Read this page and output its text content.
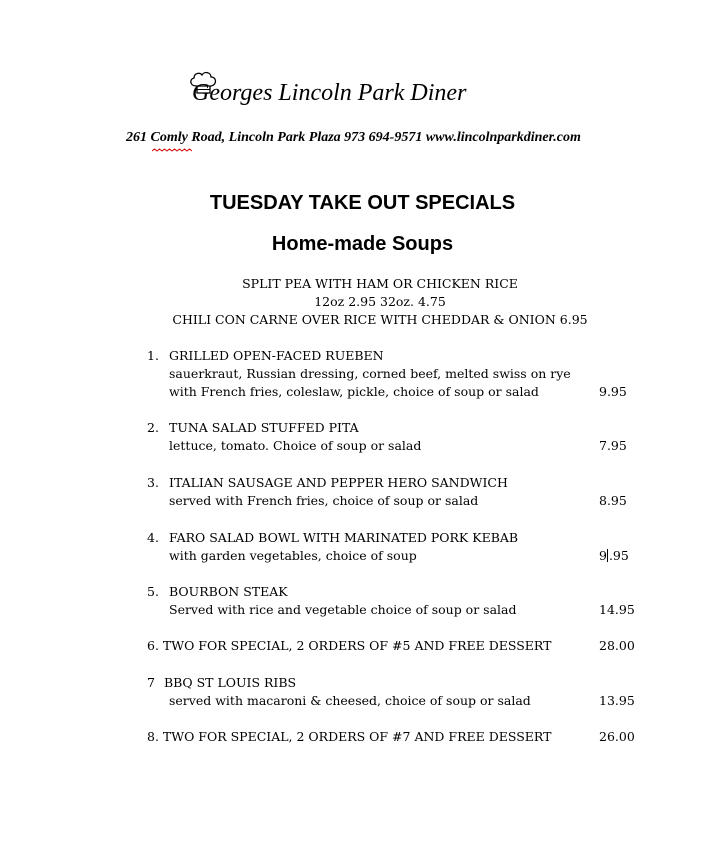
Georges Lincoln Park Diner
261 Comly Road, Lincoln Park Plaza 973 694-9571 www.lincolnparkdiner.com
TUESDAY TAKE OUT SPECIALS
Home-made Soups
SPLIT PEA WITH HAM OR CHICKEN RICE
12oz 2.95 32oz. 4.75
CHILI CON CARNE OVER RICE WITH CHEDDAR & ONION 6.95
1. GRILLED OPEN-FACED RUEBEN
sauerkraut, Russian dressing, corned beef, melted swiss on rye
with French fries, coleslaw, pickle, choice of soup or salad	9.95
2. TUNA SALAD STUFFED PITA
lettuce, tomato. Choice of soup or salad	7.95
3. ITALIAN SAUSAGE AND PEPPER HERO SANDWICH
served with French fries, choice of soup or salad	8.95
4. FARO SALAD BOWL WITH MARINATED PORK KEBAB
with garden vegetables, choice of soup	9 .95
5. BOURBON STEAK
Served with rice and vegetable choice of soup or salad	14.95
6. TWO FOR SPECIAL, 2 ORDERS OF #5 AND FREE DESSERT	28.00
7 BBQ ST LOUIS RIBS
served with macaroni & cheesed, choice of soup or salad	13.95
8. TWO FOR SPECIAL, 2 ORDERS OF #7 AND FREE DESSERT	26.00
